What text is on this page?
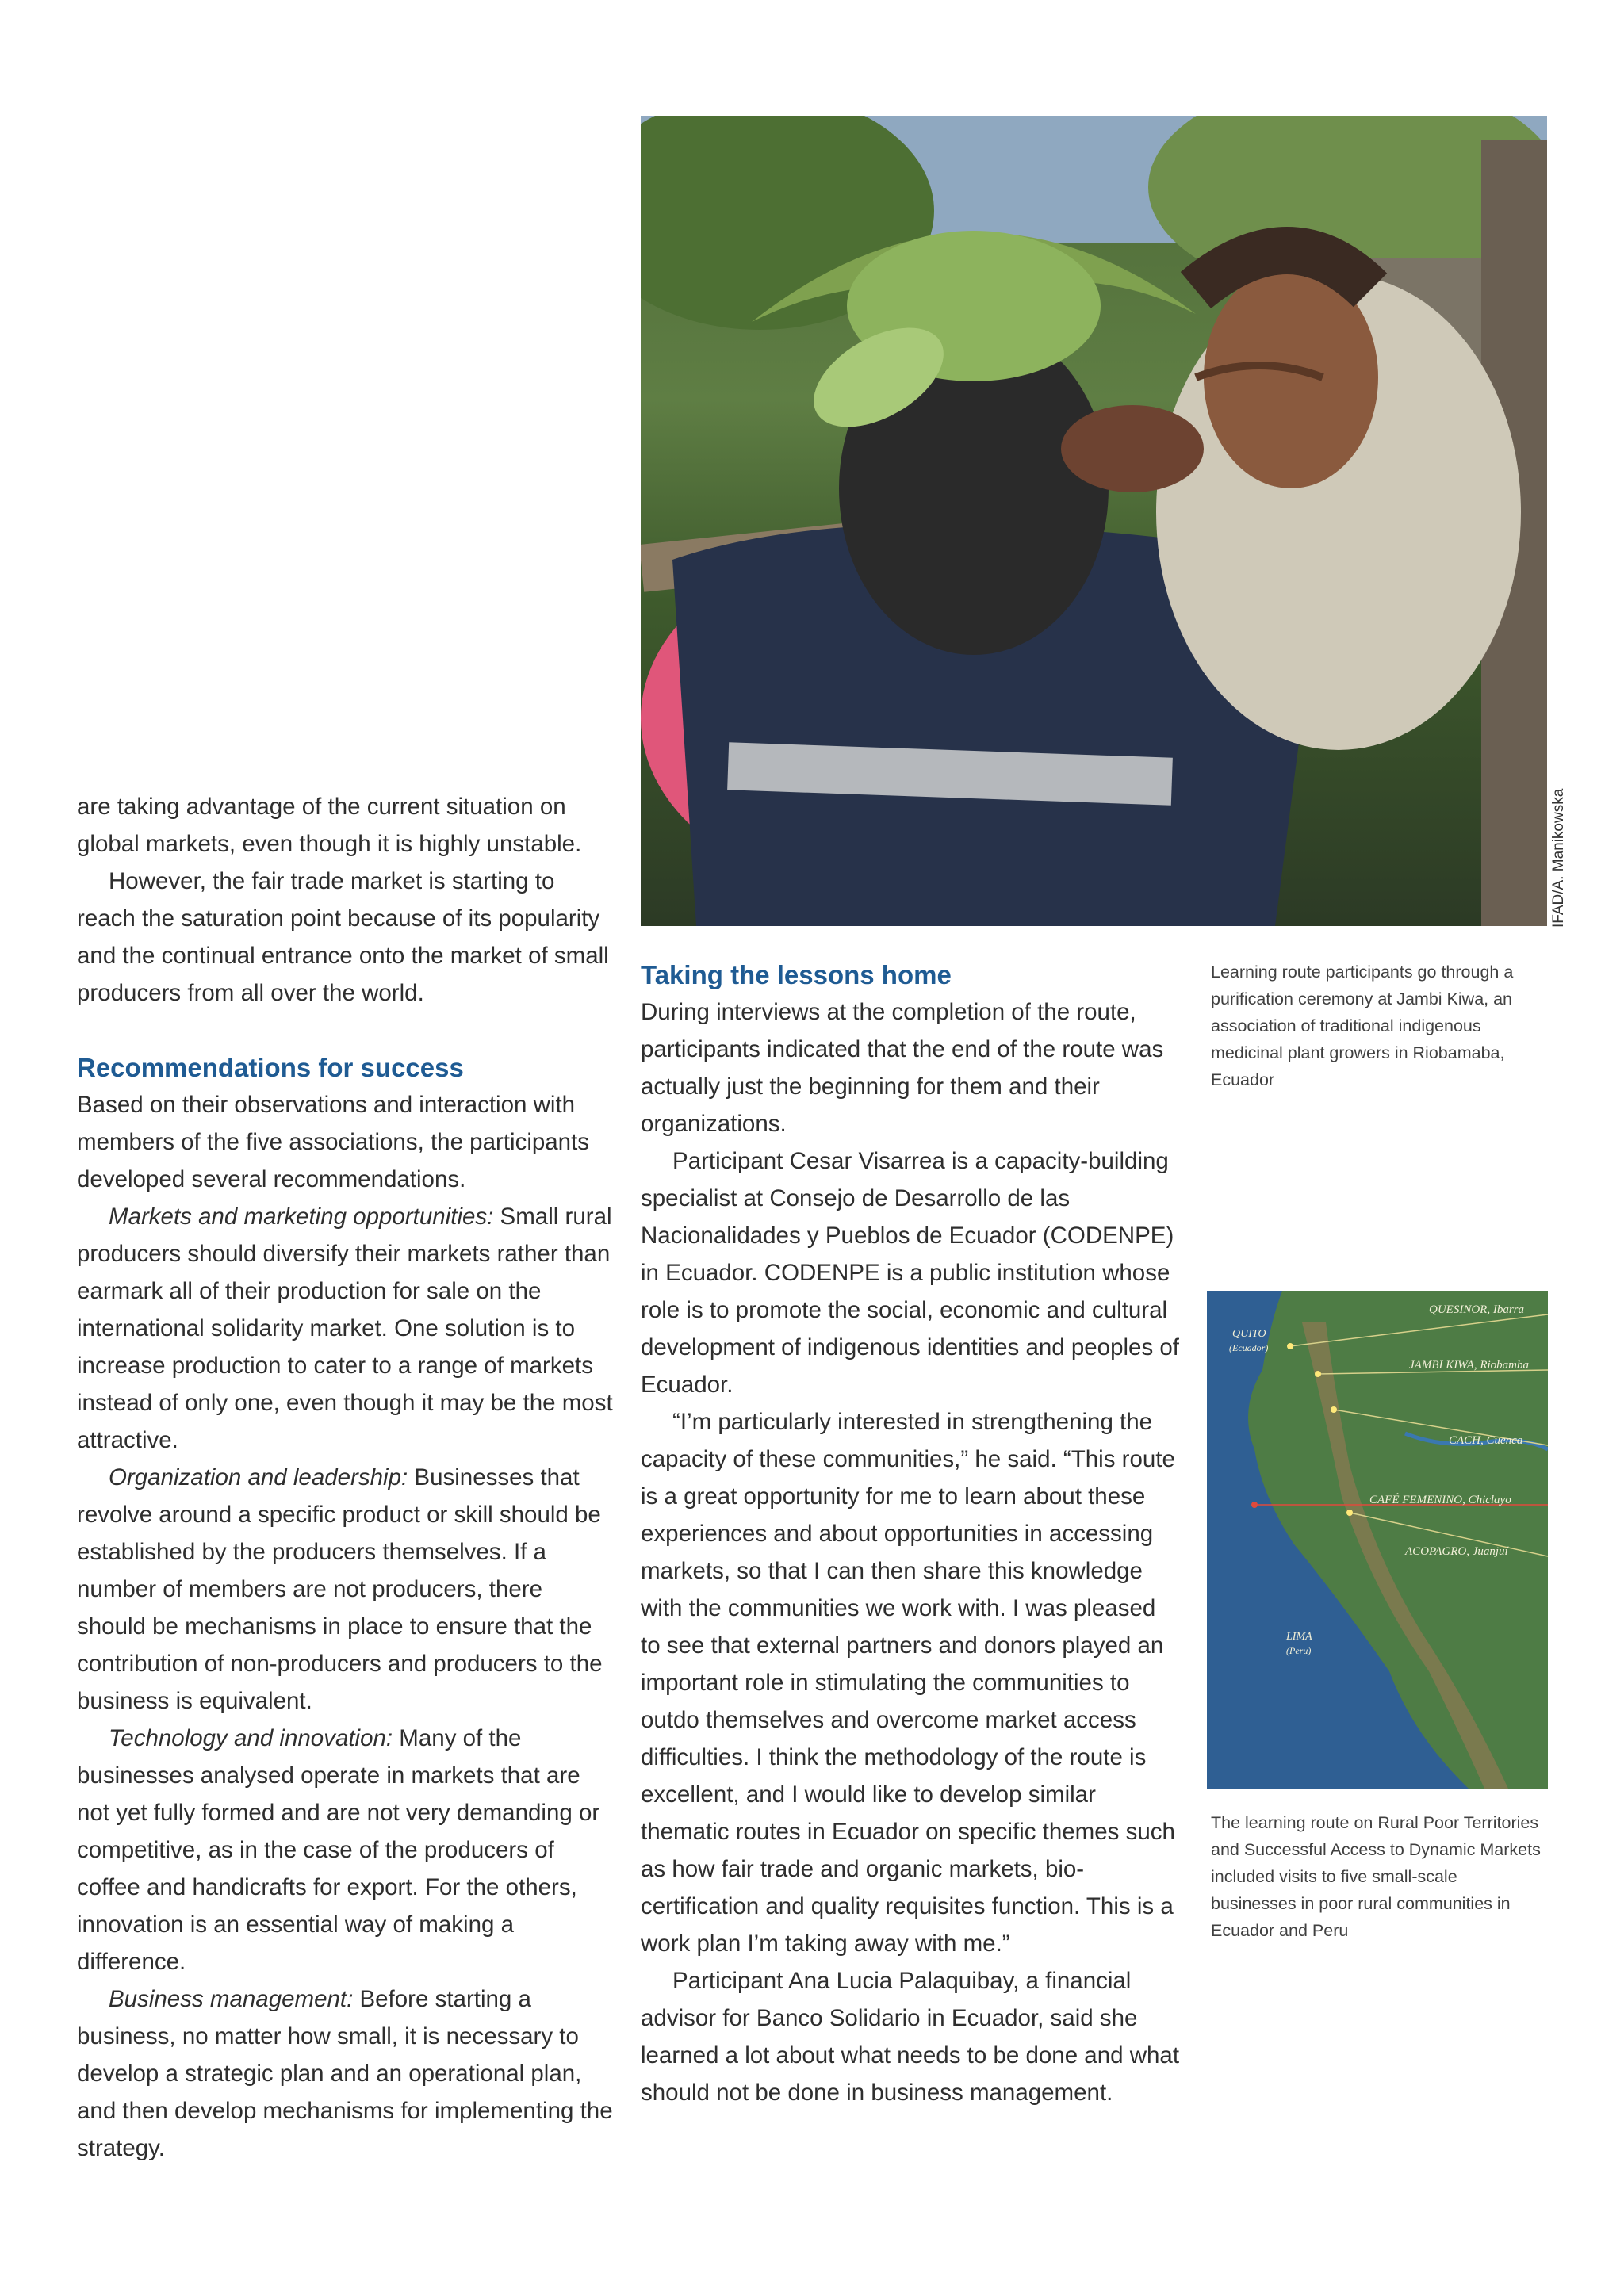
IFAD/A. Manikowska
Learning route participants go through a purification ceremony at Jambi Kiwa, an association of traditional indigenous medicinal plant growers in Riobamaba, Ecuador

are taking advantage of the current situation on global markets, even though it is highly unstable.

However, the fair trade market is starting to reach the saturation point because of its popularity and the continual entrance onto the market of small producers from all over the world.

Recommendations for success

Based on their observations and interaction with members of the five associations, the participants developed several recommendations.

Markets and marketing opportunities: Small rural producers should diversify their markets rather than earmark all of their production for sale on the international solidarity market. One solution is to increase production to cater to a range of markets instead of only one, even though it may be the most attractive.

Organization and leadership: Businesses that revolve around a specific product or skill should be established by the producers themselves. If a number of members are not producers, there should be mechanisms in place to ensure that the contribution of non-producers and producers to the business is equivalent.

Technology and innovation: Many of the businesses analysed operate in markets that are not yet fully formed and are not very demanding or competitive, as in the case of the producers of coffee and handicrafts for export. For the others, innovation is an essential way of making a difference.

Business management: Before starting a business, no matter how small, it is necessary to develop a strategic plan and an operational plan, and then develop mechanisms for implementing the strategy.

Taking the lessons home

During interviews at the completion of the route, participants indicated that the end of the route was actually just the beginning for them and their organizations.

Participant Cesar Visarrea is a capacity-building specialist at Consejo de Desarrollo de las Nacionalidades y Pueblos de Ecuador (CODENPE) in Ecuador. CODENPE is a public institution whose role is to promote the social, economic and cultural development of indigenous identities and peoples of Ecuador.

“I’m particularly interested in strengthening the capacity of these communities,” he said. “This route is a great opportunity for me to learn about these experiences and about opportunities in accessing markets, so that I can then share this knowledge with the communities we work with. I was pleased to see that external partners and donors played an important role in stimulating the communities to outdo themselves and overcome market access difficulties. I think the methodology of the route is excellent, and I would like to develop similar thematic routes in Ecuador on specific themes such as how fair trade and organic markets, bio-certification and quality requisites function. This is a work plan I’m taking away with me.”

Participant Ana Lucia Palaquibay, a financial advisor for Banco Solidario in Ecuador, said she learned a lot about what needs to be done and what should not be done in business management.

QUESINOR, Ibarra
JAMBI KIWA, Riobamba
CACH, Cuenca
CAFÉ FEMENINO, Chiclayo
ACOPAGRO, Juanjuí
QUITO
(Ecuador)
LIMA
(Peru)
The learning route on Rural Poor Territories and Successful Access to Dynamic Markets included visits to five small-scale businesses in poor rural communities in Ecuador and Peru
